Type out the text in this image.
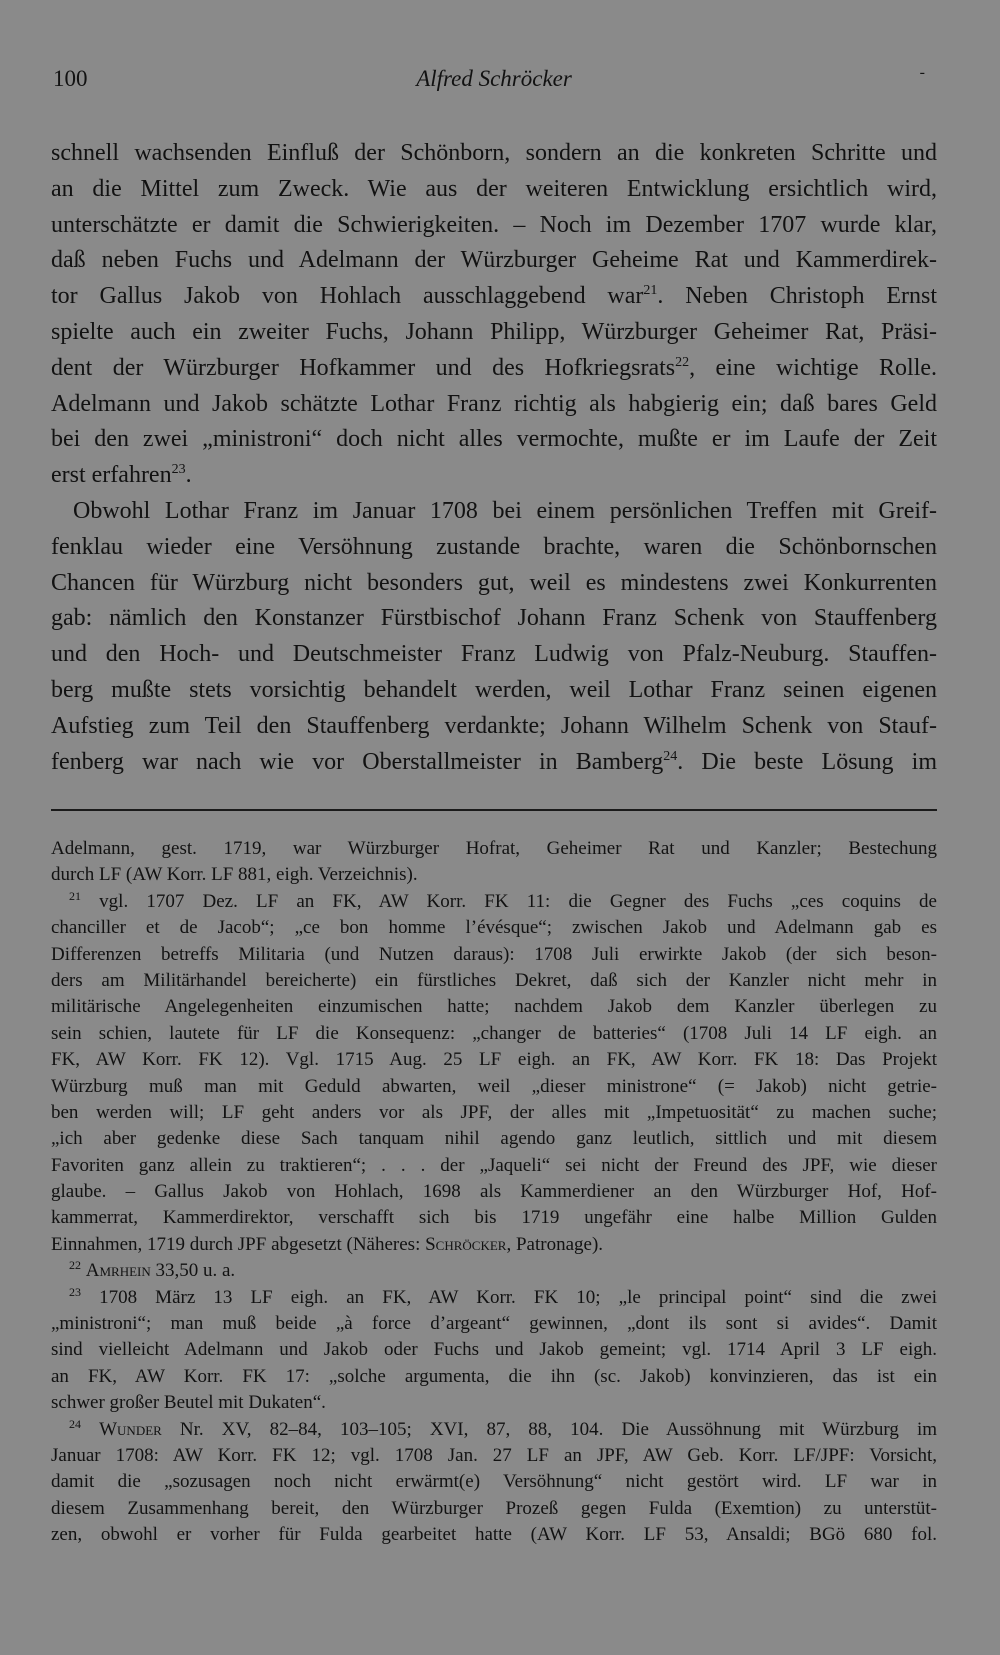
100	Alfred Schröcker	-
schnell wachsenden Einfluß der Schönborn, sondern an die konkreten Schritte und
an die Mittel zum Zweck. Wie aus der weiteren Entwicklung ersichtlich wird,
unterschätzte er damit die Schwierigkeiten. – Noch im Dezember 1707 wurde klar,
daß neben Fuchs und Adelmann der Würzburger Geheime Rat und Kammerdirek-
tor Gallus Jakob von Hohlach ausschlaggebend war$^{21}$. Neben Christoph Ernst
spielte auch ein zweiter Fuchs, Johann Philipp, Würzburger Geheimer Rat, Präsi-
dent der Würzburger Hofkammer und des Hofkriegsrats$^{22}$, eine wichtige Rolle.
Adelmann und Jakob schätzte Lothar Franz richtig als habgierig ein; daß bares Geld
bei den zwei „ministroni“ doch nicht alles vermochte, mußte er im Laufe der Zeit
erst erfahren$^{23}$.
Obwohl Lothar Franz im Januar 1708 bei einem persönlichen Treffen mit Greif-
fenklau wieder eine Versöhnung zustande brachte, waren die Schönbornschen
Chancen für Würzburg nicht besonders gut, weil es mindestens zwei Konkurrenten
gab: nämlich den Konstanzer Fürstbischof Johann Franz Schenk von Stauffenberg
und den Hoch- und Deutschmeister Franz Ludwig von Pfalz-Neuburg. Stauffen-
berg mußte stets vorsichtig behandelt werden, weil Lothar Franz seinen eigenen
Aufstieg zum Teil den Stauffenberg verdankte; Johann Wilhelm Schenk von Stauf-
fenberg war nach wie vor Oberstallmeister in Bamberg$^{24}$. Die beste Lösung im
Adelmann, gest. 1719, war Würzburger Hofrat, Geheimer Rat und Kanzler; Bestechung
durch LF (AW Korr. LF 881, eigh. Verzeichnis).
$^{21}$ vgl. 1707 Dez. LF an FK, AW Korr. FK 11: die Gegner des Fuchs „ces coquins de
chanciller et de Jacob“; „ce bon homme l’évésque“; zwischen Jakob und Adelmann gab es
Differenzen betreffs Militaria (und Nutzen daraus): 1708 Juli erwirkte Jakob (der sich beson-
ders am Militärhandel bereicherte) ein fürstliches Dekret, daß sich der Kanzler nicht mehr in
militärische Angelegenheiten einzumischen hatte; nachdem Jakob dem Kanzler überlegen zu
sein schien, lautete für LF die Konsequenz: „changer de batteries“ (1708 Juli 14 LF eigh. an
FK, AW Korr. FK 12). Vgl. 1715 Aug. 25 LF eigh. an FK, AW Korr. FK 18: Das Projekt
Würzburg muß man mit Geduld abwarten, weil „dieser ministrone“ (= Jakob) nicht getrie-
ben werden will; LF geht anders vor als JPF, der alles mit „Impetuosität“ zu machen suche;
„ich aber gedenke diese Sach tanquam nihil agendo ganz leutlich, sittlich und mit diesem
Favoriten ganz allein zu traktieren“; . . . der „Jaqueli“ sei nicht der Freund des JPF, wie dieser
glaube. – Gallus Jakob von Hohlach, 1698 als Kammerdiener an den Würzburger Hof, Hof-
kammerrat, Kammerdirektor, verschafft sich bis 1719 ungefähr eine halbe Million Gulden
Einnahmen, 1719 durch JPF abgesetzt (Näheres: Schröcker, Patronage).
$^{22}$ Amrhein 33,50 u. a.
$^{23}$ 1708 März 13 LF eigh. an FK, AW Korr. FK 10; „le principal point“ sind die zwei
„ministroni“; man muß beide „à force d’argeant“ gewinnen, „dont ils sont si avides“. Damit
sind vielleicht Adelmann und Jakob oder Fuchs und Jakob gemeint; vgl. 1714 April 3 LF eigh.
an FK, AW Korr. FK 17: „solche argumenta, die ihn (sc. Jakob) konvinzieren, das ist ein
schwer großer Beutel mit Dukaten“.
$^{24}$ Wunder Nr. XV, 82–84, 103–105; XVI, 87, 88, 104. Die Aussöhnung mit Würzburg im
Januar 1708: AW Korr. FK 12; vgl. 1708 Jan. 27 LF an JPF, AW Geb. Korr. LF/JPF: Vorsicht,
damit die „sozusagen noch nicht erwärmt(e) Versöhnung“ nicht gestört wird. LF war in
diesem Zusammenhang bereit, den Würzburger Prozeß gegen Fulda (Exemtion) zu unterstüt-
zen, obwohl er vorher für Fulda gearbeitet hatte (AW Korr. LF 53, Ansaldi; BGö 680 fol.
